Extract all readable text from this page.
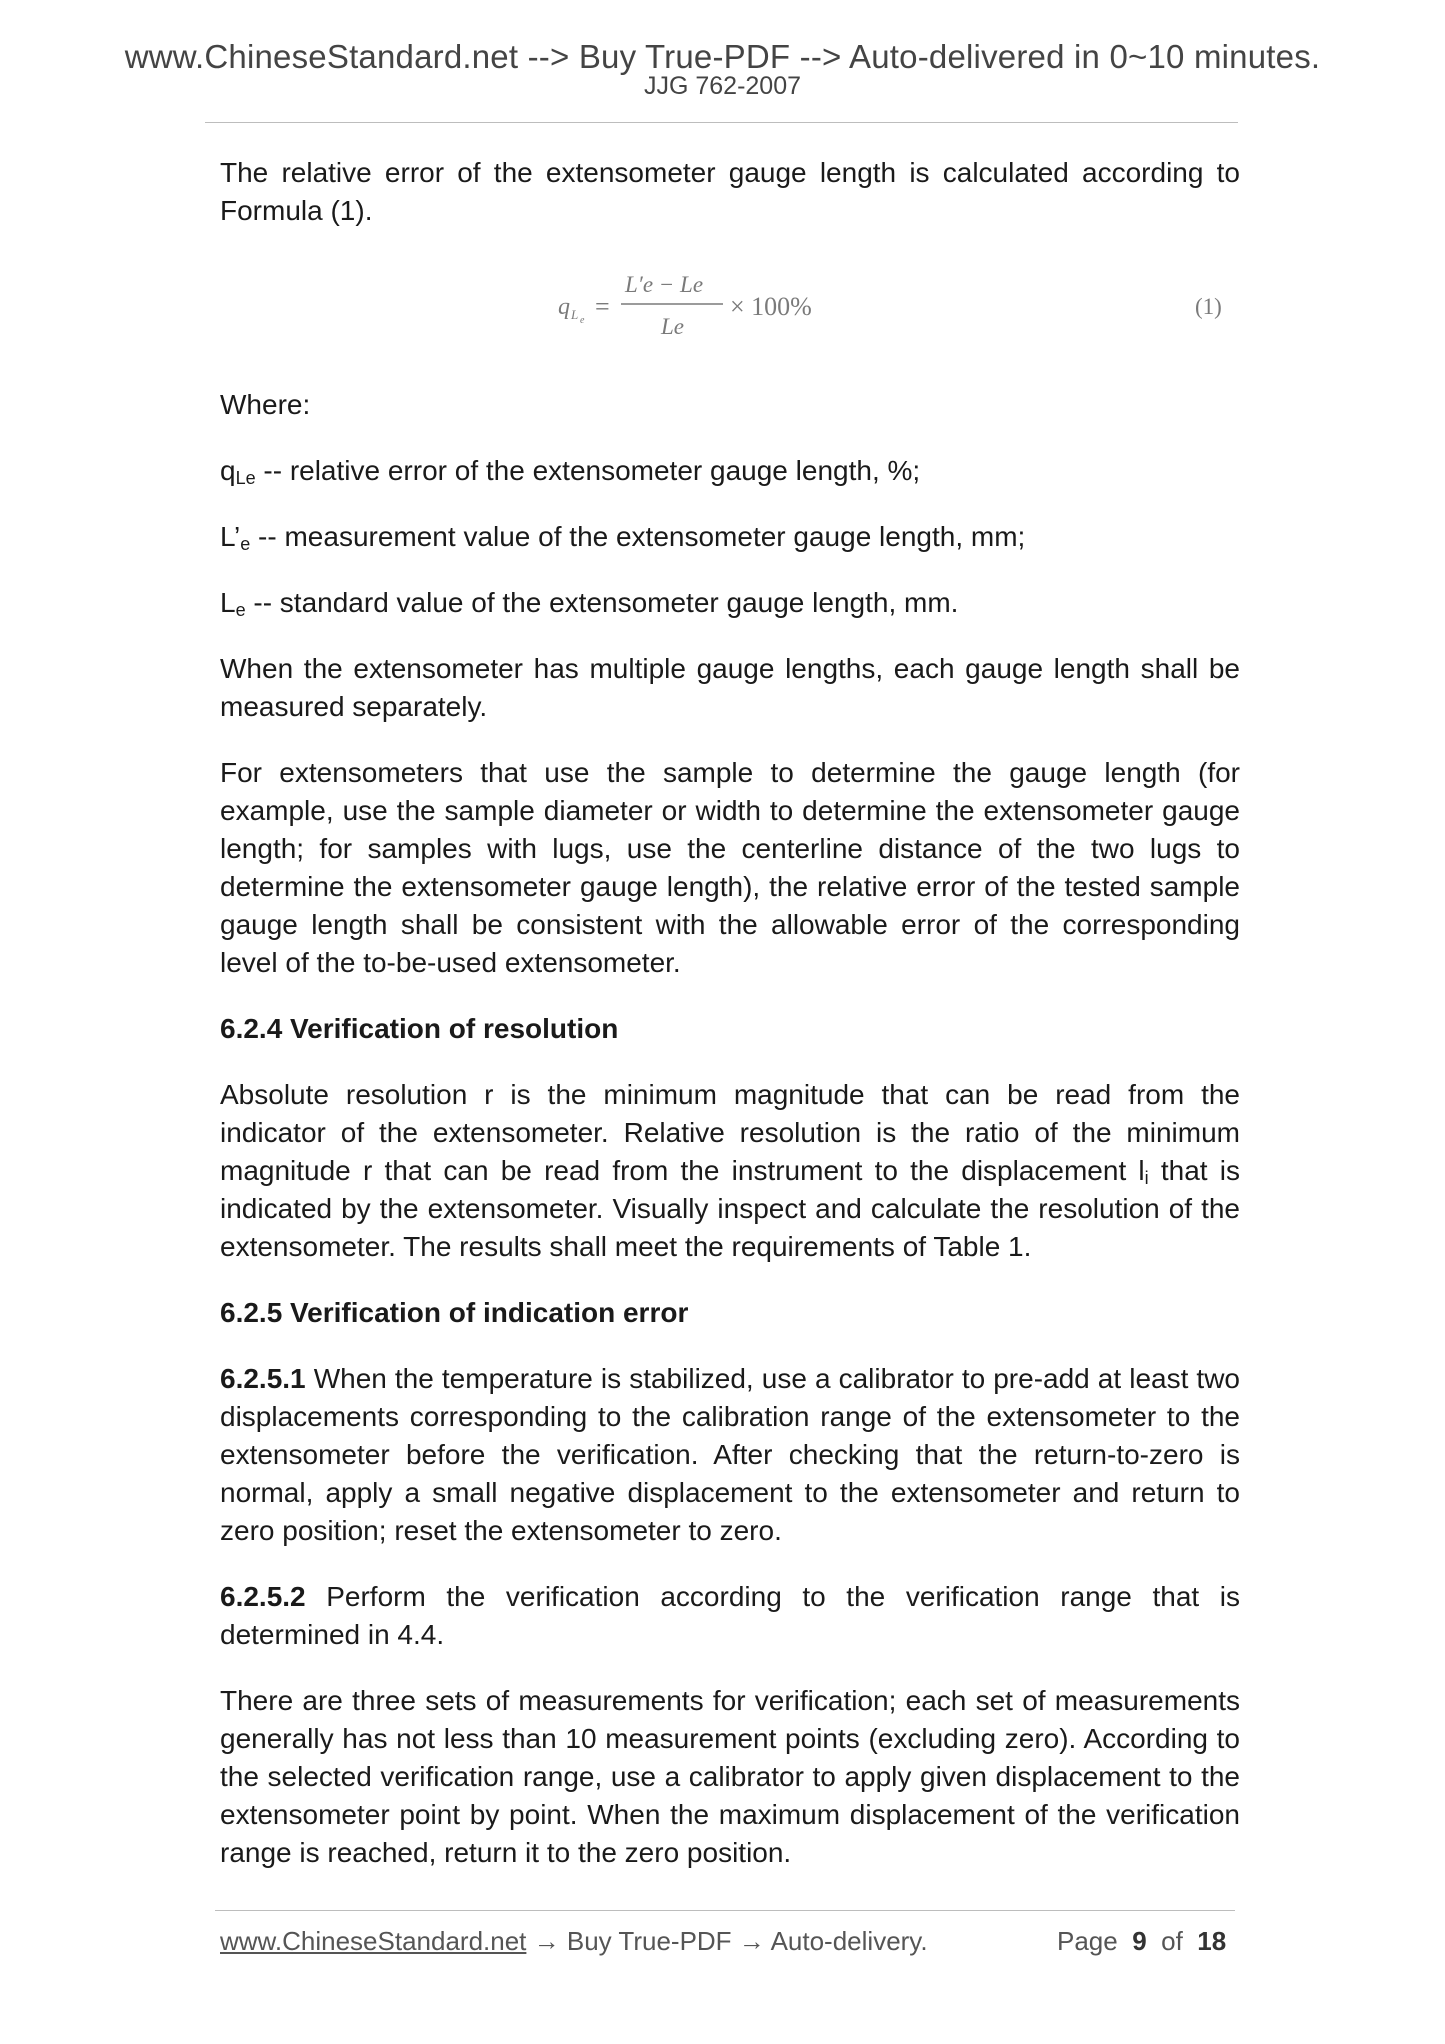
www.ChineseStandard.net --> Buy True-PDF --> Auto-delivered in 0~10 minutes.
JJG 762-2007

The relative error of the extensometer gauge length is calculated according to Formula (1).

q L e =
L′e − Le
Le
× 100%	(1)

Where:

$q_{Le}$ -- relative error of the extensometer gauge length, %;

$L’_e$ -- measurement value of the extensometer gauge length, mm;

$L_e$ -- standard value of the extensometer gauge length, mm.

When the extensometer has multiple gauge lengths, each gauge length shall be measured separately.

For extensometers that use the sample to determine the gauge length (for example, use the sample diameter or width to determine the extensometer gauge length; for samples with lugs, use the centerline distance of the two lugs to determine the extensometer gauge length), the relative error of the tested sample gauge length shall be consistent with the allowable error of the corresponding level of the to-be-used extensometer.

6.2.4 Verification of resolution

Absolute resolution r is the minimum magnitude that can be read from the indicator of the extensometer. Relative resolution is the ratio of the minimum magnitude r that can be read from the instrument to the displacement $l_i$ that is indicated by the extensometer. Visually inspect and calculate the resolution of the extensometer. The results shall meet the requirements of Table 1.

6.2.5 Verification of indication error

6.2.5.1 When the temperature is stabilized, use a calibrator to pre-add at least two displacements corresponding to the calibration range of the extensometer to the extensometer before the verification. After checking that the return-to-zero is normal, apply a small negative displacement to the extensometer and return to zero position; reset the extensometer to zero.

6.2.5.2 Perform the verification according to the verification range that is determined in 4.4.

There are three sets of measurements for verification; each set of measurements generally has not less than 10 measurement points (excluding zero). According to the selected verification range, use a calibrator to apply given displacement to the extensometer point by point. When the maximum displacement of the verification range is reached, return it to the zero position.

www.ChineseStandard.net → Buy True-PDF → Auto-delivery.	Page 9 of 18
